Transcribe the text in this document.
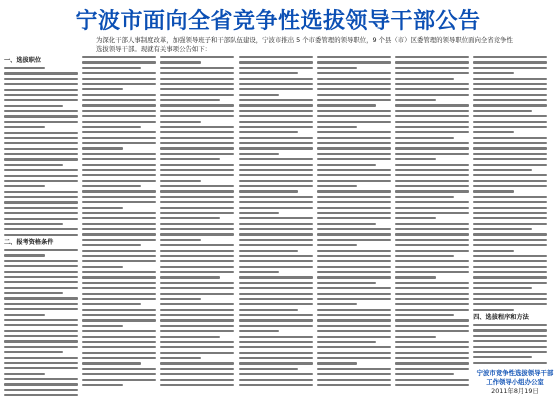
宁波市面向全省竞争性选拔领导干部公告
为深化干部人事制度改革，加强领导班子和干部队伍建设，宁波市推出 5 个市委管理的领导职位，9 个县（市）区委管理的领导职位面向全省竞争性
选拔领导干部。现就有关事项公告如下：
一、选拔职位
二、报考资格条件
四、选拔程序和方法
宁波市竞争性选拔领导干部工作领导小组办公室
2011年8月19日
